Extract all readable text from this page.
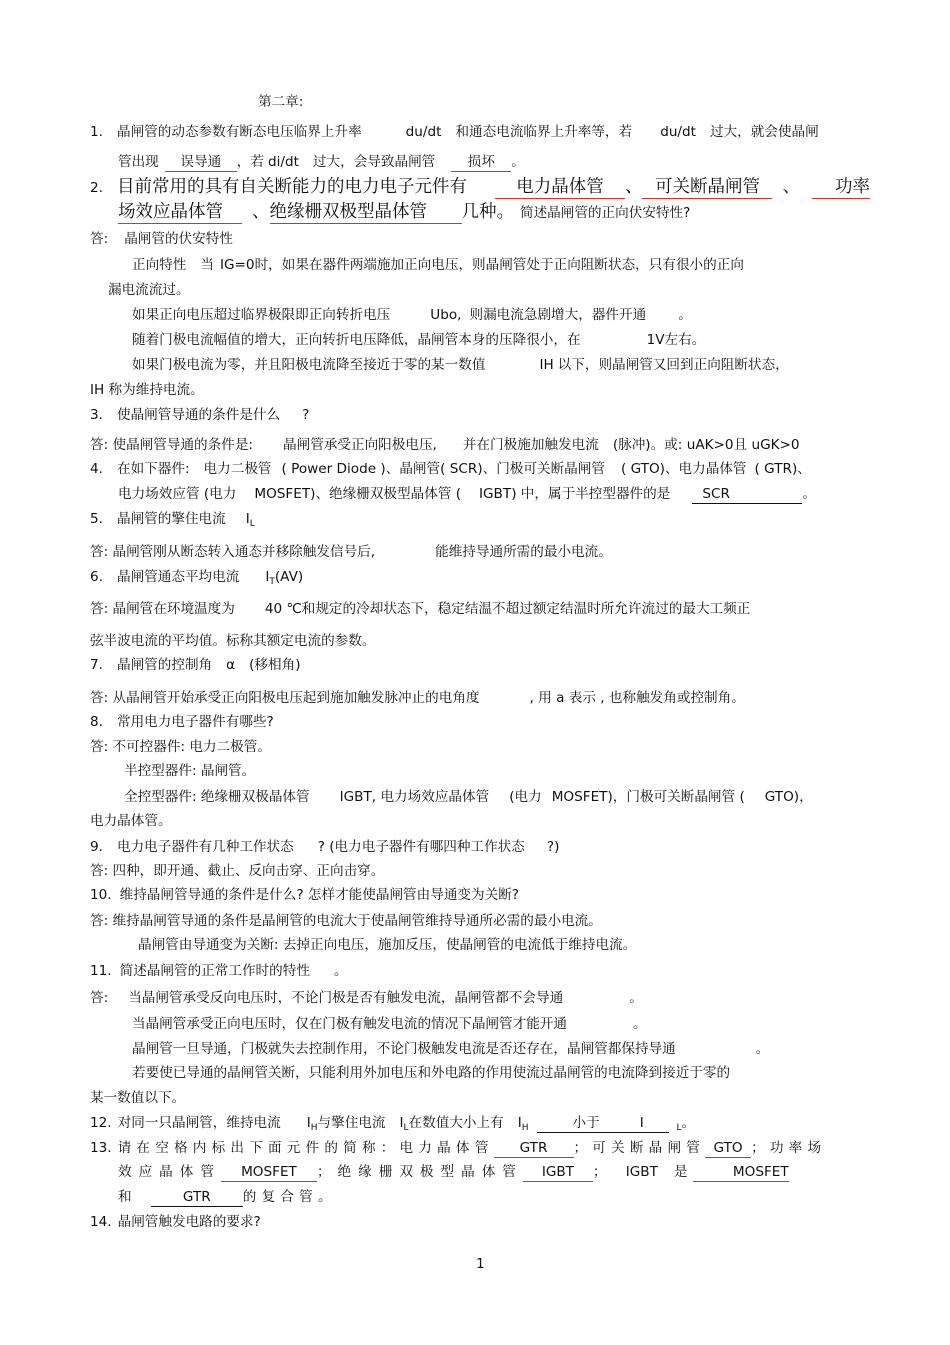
第二章:
1. 晶闸管的动态参数有断态电压临界上升率	du/dt 和通态电流临界上升率等，若 du/dt 过大，就会使晶闸
管出现 误导通 ，若 di/dt 过大，会导致晶闸管 损坏 。
2. 目前常用的具有自关断能力的电力电子元件有	电力晶体管 、 可关断晶闸管 、 功率
场效应晶体管 、绝缘栅双极型晶体管 几种。 简述晶闸管的正向伏安特性?
答: 晶闸管的伏安特性
正向特性 当 IG=0时，如果在器件两端施加正向电压，则晶闸管处于正向阻断状态，只有很小的正向
漏电流流过。
如果正向电压超过临界极限即正向转折电压	Ubo, 则漏电流急剧增大，器件开通 。
随着门极电流幅值的增大，正向转折电压降低，晶闸管本身的压降很小，在	1V左右。
如果门极电流为零，并且阳极电流降至接近于零的某一数值	IH 以下，则晶闸管又回到正向阻断状态，
IH 称为维持电流。
3. 使晶闸管导通的条件是什么 ?
答: 使晶闸管导通的条件是: 晶闸管承受正向阳极电压, 并在门极施加触发电流 (脉冲)。或: uAK>0且 uGK>0
4. 在如下器件: 电力二极管 ( Power Diode )、晶闸管( SCR)、门极可关断晶闸管 ( GTO)、电力晶体管 ( GTR)、
电力场效应管 (电力 MOSFET)、绝缘栅双极型晶体管 ( IGBT) 中，属于半控型器件的是 SCR	。
5. 晶闸管的擎住电流 $I_L$
答: 晶闸管刚从断态转入通态并移除触发信号后,	能维持导通所需的最小电流。
6. 晶闸管通态平均电流 $I_T(AV)$
答: 晶闸管在环境温度为 40 ℃和规定的冷却状态下，稳定结温不超过额定结温时所允许流过的最大工频正
弦半波电流的平均值。标称其额定电流的参数。
7. 晶闸管的控制角 α (移相角)
答: 从晶闸管开始承受正向阳极电压起到施加触发脉冲止的电角度	, 用 a 表示 , 也称触发角或控制角。
8. 常用电力电子器件有哪些?
答: 不可控器件: 电力二极管。
半控型器件: 晶闸管。
全控型器件: 绝缘栅双极晶体管 IGBT, 电力场效应晶体管 (电力 MOSFET)，门极可关断晶闸管 ( GTO)，
电力晶体管。
9. 电力电子器件有几种工作状态 ? (电力电子器件有哪四种工作状态 ?)
答: 四种，即开通、截止、反向击穿、正向击穿。
10. 维持晶闸管导通的条件是什么? 怎样才能使晶闸管由导通变为关断?
答: 维持晶闸管导通的条件是晶闸管的电流大于使晶闸管维持导通所必需的最小电流。
晶闸管由导通变为关断: 去掉正向电压，施加反压，使晶闸管的电流低于维持电流。
11. 简述晶闸管的正常工作时的特性 。
答: 当晶闸管承受反向电压时，不论门极是否有触发电流，晶闸管都不会导通	。
当晶闸管承受正向电压时，仅在门极有触发电流的情况下晶闸管才能开通	。
晶闸管一旦导通，门极就失去控制作用，不论门极触发电流是否还存在，晶闸管都保持导通	。
若要使已导通的晶闸管关断，只能利用外加电压和外电路的作用使流过晶闸管的电流降到接近于零的
某一数值以下。
12. 对同一只晶闸管，维持电流 $I_H$与擎住电流 $I_L$在数值大小上有 $I_H$	小于	I	$_L$。
13. 请在空格内标出下面元件的简称：电力晶体管 GTR ；可关断晶闸管 GTO ；功率场
效应晶体管 MOSFET ；绝缘栅双极型晶体管 IGBT ； IGBT 是	MOSFET
和	GTR 的复合管。
14. 晶闸管触发电路的要求?
1
